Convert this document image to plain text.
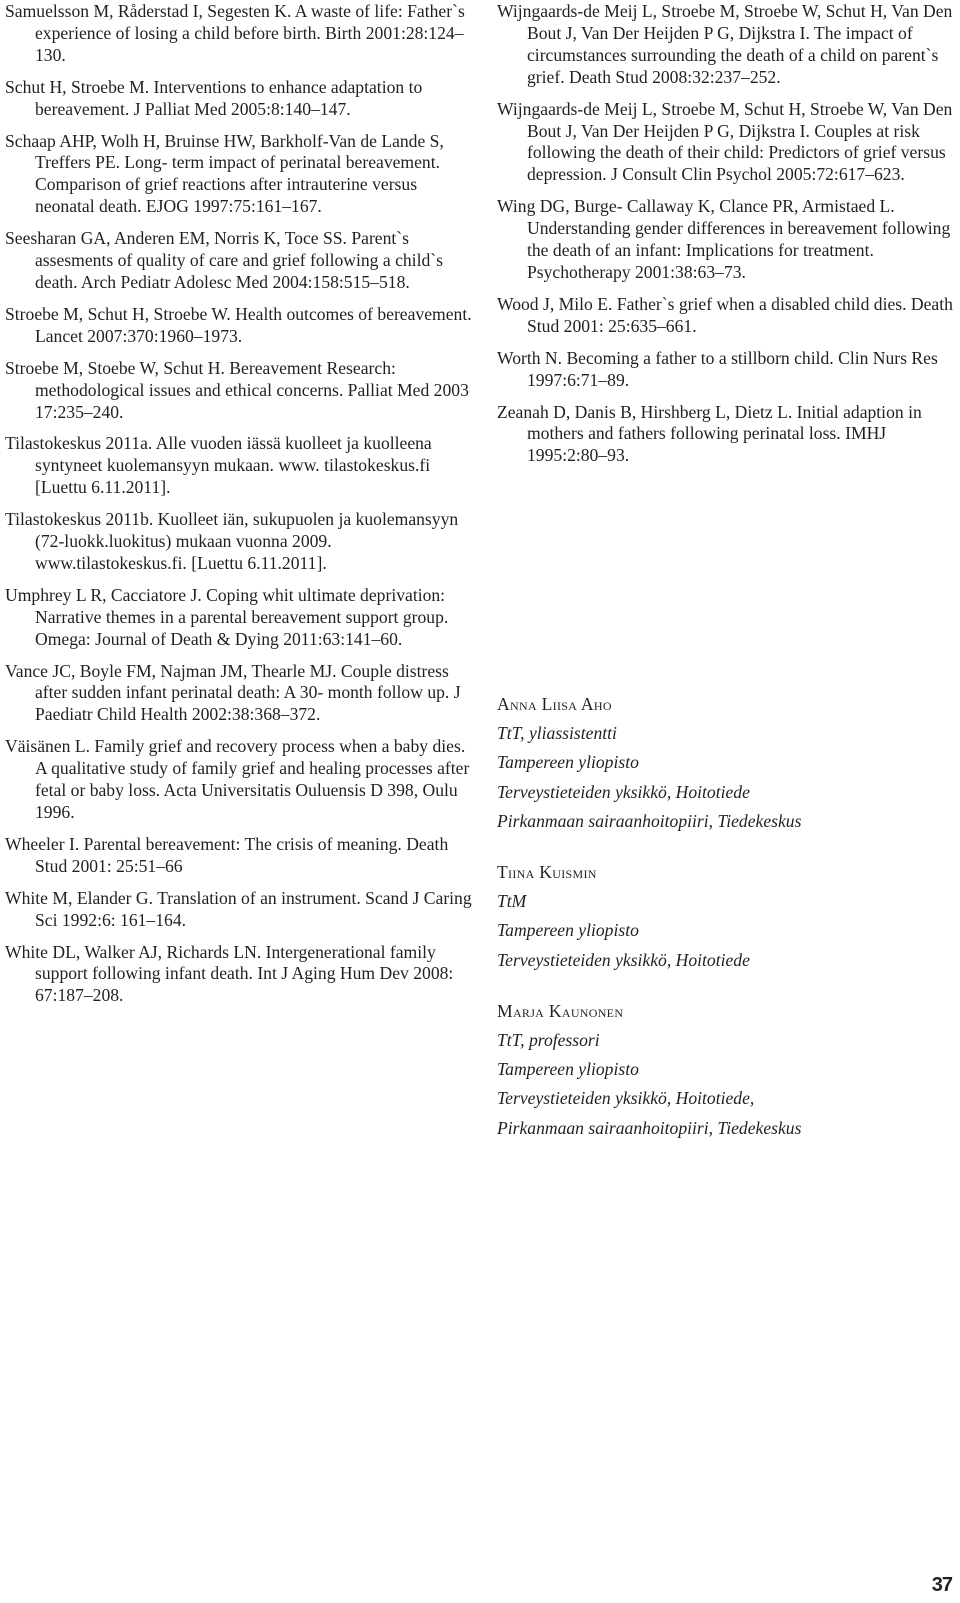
Samuelsson M, Råderstad I, Segesten K. A waste of life: Father`s experience of losing a child before birth. Birth 2001:28:124–130.

Schut H, Stroebe M. Interventions to enhance adaptation to bereavement. J Palliat Med 2005:8:140–147.

Schaap AHP, Wolh H, Bruinse HW, Barkholf-Van de Lande S, Treffers PE. Long- term impact of perinatal bereavement. Comparison of grief reactions after intrauterine versus neonatal death. EJOG 1997:75:161–167.

Seesharan GA, Anderen EM, Norris K, Toce SS. Parent`s assesments of quality of care and grief following a child`s death. Arch Pediatr Adolesc Med 2004:158:515–518.

Stroebe M, Schut H, Stroebe W. Health outcomes of bereavement. Lancet 2007:370:1960–1973.

Stroebe M, Stoebe W, Schut H. Bereavement Research: methodological issues and ethical concerns. Palliat Med 2003 17:235–240.

Tilastokeskus 2011a. Alle vuoden iässä kuolleet ja kuolleena syntyneet kuolemansyyn mukaan. www. tilastokeskus.fi [Luettu 6.11.2011].

Tilastokeskus 2011b. Kuolleet iän, sukupuolen ja kuolemansyyn (72-luokk.luokitus) mukaan vuonna 2009. www.tilastokeskus.fi. [Luettu 6.11.2011].

Umphrey L R, Cacciatore J. Coping whit ultimate deprivation: Narrative themes in a parental bereavement support group. Omega: Journal of Death & Dying 2011:63:141–60.

Vance JC, Boyle FM, Najman JM, Thearle MJ. Couple distress after sudden infant perinatal death: A 30- month follow up. J Paediatr Child Health 2002:38:368–372.

Väisänen L. Family grief and recovery process when a baby dies. A qualitative study of family grief and healing processes after fetal or baby loss. Acta Universitatis Ouluensis D 398, Oulu 1996.

Wheeler I. Parental bereavement: The crisis of meaning. Death Stud 2001: 25:51–66

White M, Elander G. Translation of an instrument. Scand J Caring Sci 1992:6: 161–164.

White DL, Walker AJ, Richards LN. Intergenerational family support following infant death. Int J Aging Hum Dev 2008: 67:187–208.

Wijngaards-de Meij L, Stroebe M, Stroebe W, Schut H, Van Den Bout J, Van Der Heijden P G, Dijkstra I. The impact of circumstances surrounding the death of a child on parent`s grief. Death Stud 2008:32:237–252.

Wijngaards-de Meij L, Stroebe M, Schut H, Stroebe W, Van Den Bout J, Van Der Heijden P G, Dijkstra I. Couples at risk following the death of their child: Predictors of grief versus depression. J Consult Clin Psychol 2005:72:617–623.

Wing DG, Burge- Callaway K, Clance PR, Armistaed L. Understanding gender differences in bereavement following the death of an infant: Implications for treatment. Psychotherapy 2001:38:63–73.

Wood J, Milo E. Father`s grief when a disabled child dies. Death Stud 2001: 25:635–661.

Worth N. Becoming a father to a stillborn child. Clin Nurs Res 1997:6:71–89.

Zeanah D, Danis B, Hirshberg L, Dietz L. Initial adaption in mothers and fathers following perinatal loss. IMHJ 1995:2:80–93.

Anna Liisa Aho
TtT, yliassistentti
Tampereen yliopisto
Terveystieteiden yksikkö, Hoitotiede
Pirkanmaan sairaanhoitopiiri, Tiedekeskus
Tiina Kuismin
TtM
Tampereen yliopisto
Terveystieteiden yksikkö, Hoitotiede
Marja Kaunonen
TtT, professori
Tampereen yliopisto
Terveystieteiden yksikkö, Hoitotiede,
Pirkanmaan sairaanhoitopiiri, Tiedekeskus
37
